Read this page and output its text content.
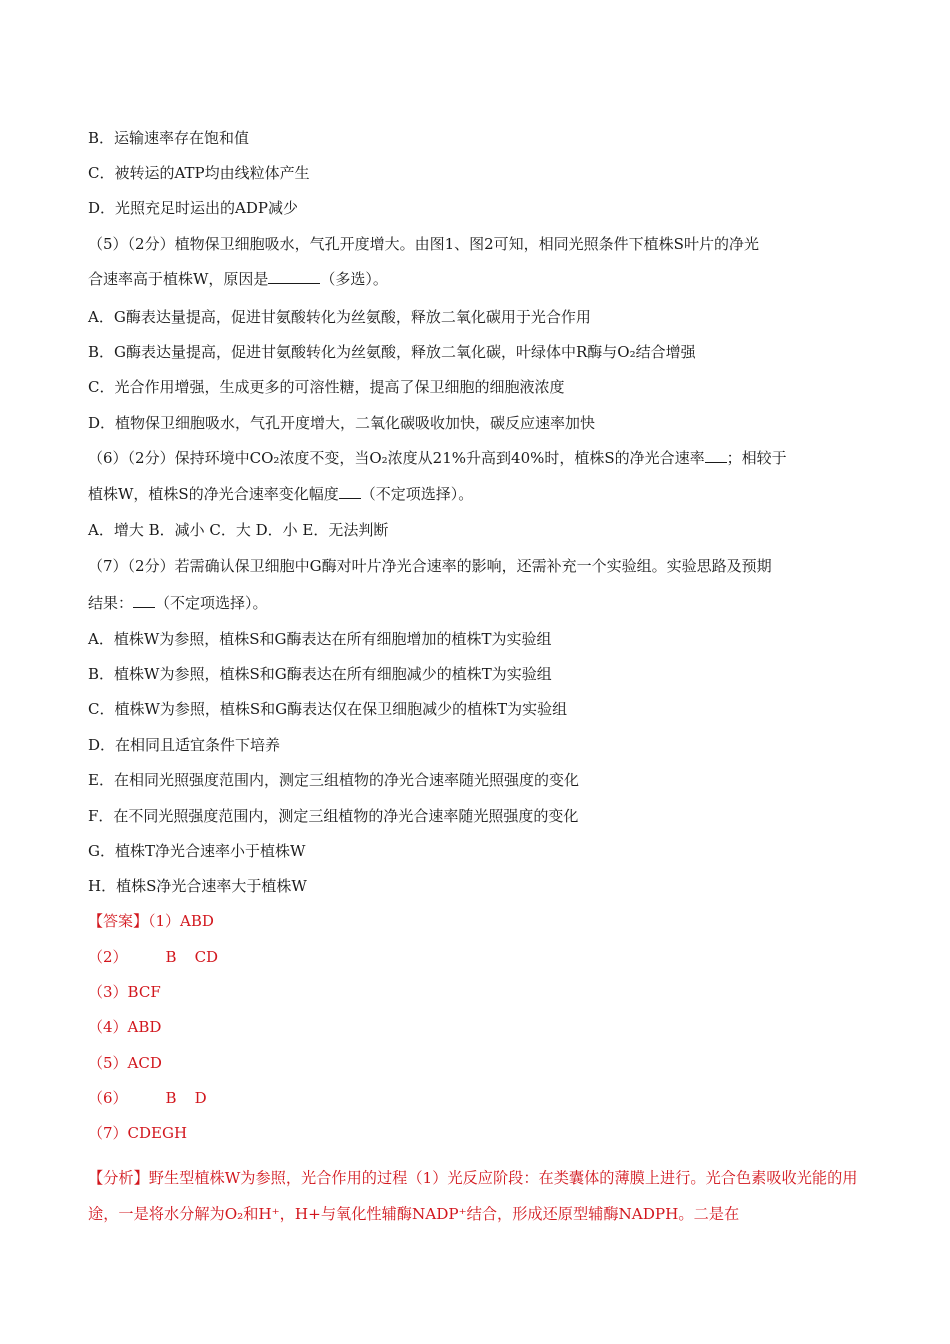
B．运输速率存在饱和值
C．被转运的ATP均由线粒体产生
D．光照充足时运出的ADP减少
（5）（2分）植物保卫细胞吸水，气孔开度增大。由图1、图2可知，相同光照条件下植株S叶片的净光
合速率高于植株W，原因是	（多选）。
A．G酶表达量提高，促进甘氨酸转化为丝氨酸，释放二氧化碳用于光合作用
B．G酶表达量提高，促进甘氨酸转化为丝氨酸，释放二氧化碳，叶绿体中R酶与O₂结合增强
C．光合作用增强，生成更多的可溶性糖，提高了保卫细胞的细胞液浓度
D．植物保卫细胞吸水，气孔开度增大，二氧化碳吸收加快，碳反应速率加快
（6）（2分）保持环境中CO₂浓度不变，当O₂浓度从21%升高到40%时，植株S的净光合速率 ；相较于
植株W，植株S的净光合速率变化幅度 （不定项选择）。
A．增大 B．减小 C．大 D．小 E．无法判断
（7）（2分）若需确认保卫细胞中G酶对叶片净光合速率的影响，还需补充一个实验组。实验思路及预期
结果： （不定项选择）。
A．植株W为参照，植株S和G酶表达在所有细胞增加的植株T为实验组
B．植株W为参照，植株S和G酶表达在所有细胞减少的植株T为实验组
C．植株W为参照，植株S和G酶表达仅在保卫细胞减少的植株T为实验组
D．在相同且适宜条件下培养
E．在相同光照强度范围内，测定三组植物的净光合速率随光照强度的变化
F．在不同光照强度范围内，测定三组植物的净光合速率随光照强度的变化
G．植株T净光合速率小于植株W
H．植株S净光合速率大于植株W
【答案】（1）ABD
（2）	B CD
（3）BCF
（4）ABD
（5）ACD
（6）	B D
（7）CDEGH
【分析】野生型植株W为参照，光合作用的过程（1）光反应阶段：在类囊体的薄膜上进行。光合色素吸收光能的用途，一是将水分解为O₂和H⁺，H+与氧化性辅酶NADP⁺结合，形成还原型辅酶NADPH。二是在
